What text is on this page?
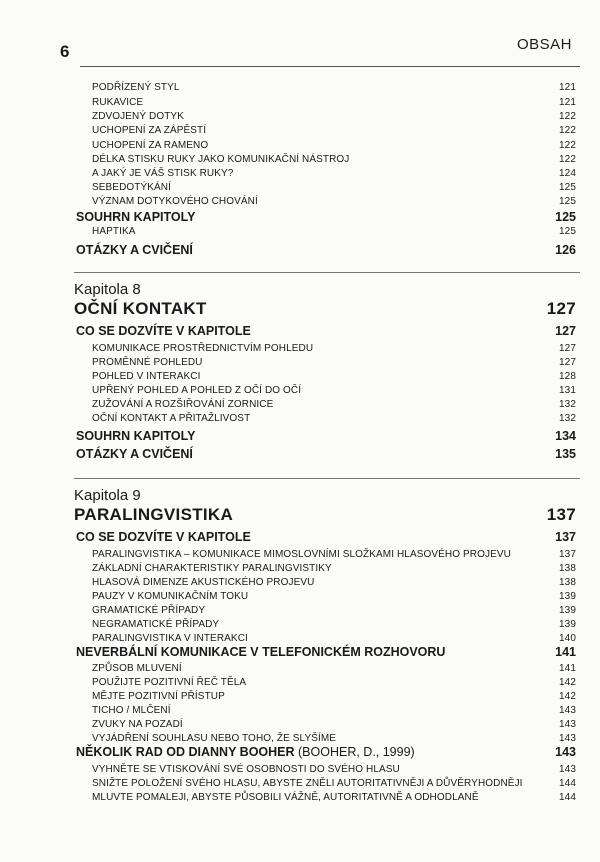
6	OBSAH
PODŘÍZENÝ STYL	121
RUKAVICE	121
ZDVOJENÝ DOTYK	122
UCHOPENÍ ZA ZÁPĚSTÍ	122
UCHOPENÍ ZA RAMENO	122
DÉLKA STISKU RUKY JAKO KOMUNIKAČNÍ NÁSTROJ	122
A JAKÝ JE VÁŠ STISK RUKY?	124
SEBEDOTÝKÁNÍ	125
VÝZNAM DOTYKOVÉHO CHOVÁNÍ	125
SOUHRN KAPITOLY	125
HAPTIKA	125
OTÁZKY A CVIČENÍ	126
Kapitola 8
OČNÍ KONTAKT	127
CO SE DOZVÍTE V KAPITOLE	127
KOMUNIKACE PROSTŘEDNICTVÍM POHLEDU	127
PROMĚNNÉ POHLEDU	127
POHLED V INTERAKCI	128
UPŘENÝ POHLED A POHLED Z OČÍ DO OČÍ	131
ZUŽOVÁNÍ A ROZŠIŘOVÁNÍ ZORNICE	132
OČNÍ KONTAKT A PŘITAŽLIVOST	132
SOUHRN KAPITOLY	134
OTÁZKY A CVIČENÍ	135
Kapitola 9
PARALINGVISTIKA	137
CO SE DOZVÍTE V KAPITOLE	137
PARALINGVISTIKA – KOMUNIKACE MIMOSLOVNÍMI SLOŽKAMI HLASOVÉHO PROJEVU	137
ZÁKLADNÍ CHARAKTERISTIKY PARALINGVISTIKY	138
HLASOVÁ DIMENZE AKUSTICKÉHO PROJEVU	138
PAUZY V KOMUNIKAČNÍM TOKU	139
GRAMATICKÉ PŘÍPADY	139
NEGRAMATICKÉ PŘÍPADY	139
PARALINGVISTIKA V INTERAKCI	140
NEVERBÁLNÍ KOMUNIKACE V TELEFONICKÉM ROZHOVORU	141
ZPŮSOB MLUVENÍ	141
POUŽIJTE POZITIVNÍ ŘEČ TĚLA	142
MĚJTE POZITIVNÍ PŘÍSTUP	142
TICHO / MLČENÍ	143
ZVUKY NA POZADÍ	143
VYJÁDŘENÍ SOUHLASU NEBO TOHO, ŽE SLYŠÍME	143
NĚKOLIK RAD OD DIANNY BOOHER (BOOHER, D., 1999)	143
VYHNĚTE SE VTISKOVÁNÍ SVÉ OSOBNOSTI DO SVÉHO HLASU	143
SNIŽTE POLOŽENÍ SVÉHO HLASU, ABYSTE ZNĚLI AUTORITATIVNĚJI A DŮVĚRYHODNĚJI	144
MLUVTE POMALEJI, ABYSTE PŮSOBILI VÁŽNĚ, AUTORITATIVNĚ A ODHODLANĚ	144
